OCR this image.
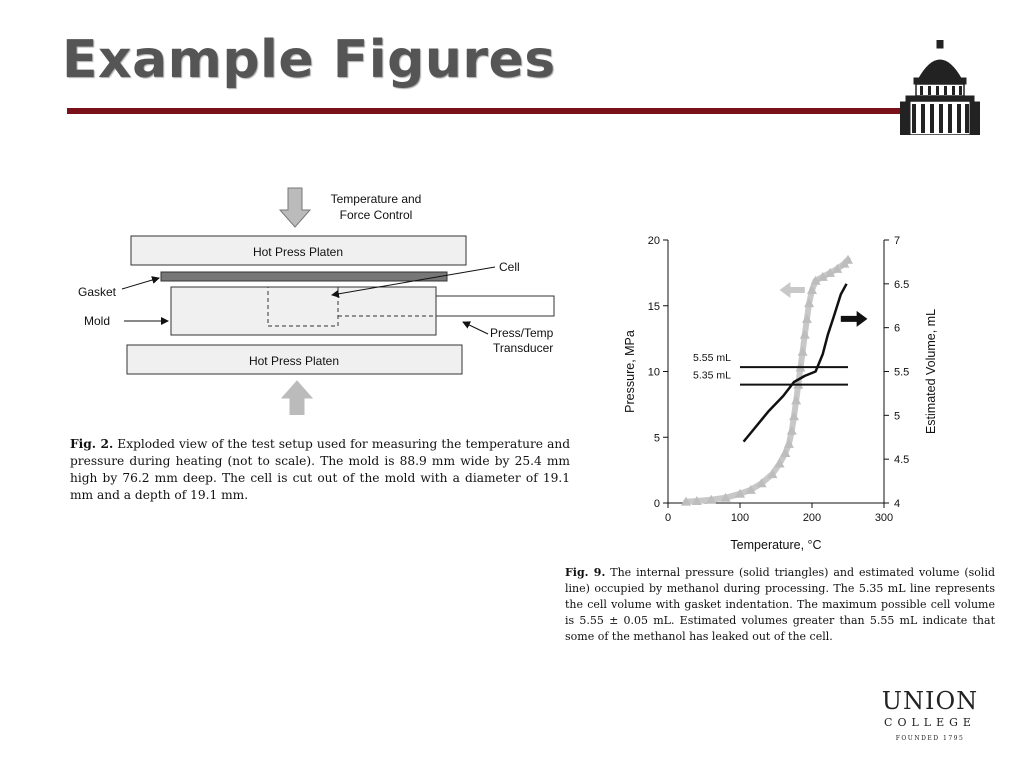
Example Figures
Temperature and
Force Control
Hot Press Platen
Gasket
Mold
Cell
Press/Temp
Transducer
Hot Press Platen
Fig. 2. Exploded view of the test setup used for measuring the temperature and pressure during heating (not to scale). The mold is 88.9 mm wide by 25.4 mm high by 76.2 mm deep. The cell is cut out of the mold with a diameter of 19.1 mm and a depth of 19.1 mm.
0	100	200	300
0
5
10
15
20
4
4.5
5
5.5
6
6.5
7
Temperature, °C
Pressure, MPa	Estimated Volume, mL
5.55 mL
5.35 mL
Fig. 9. The internal pressure (solid triangles) and estimated volume (solid line) occupied by methanol during processing. The 5.35 mL line represents the cell volume with gasket indentation. The maximum possible cell volume is 5.55 ± 0.05 mL. Estimated volumes greater than 5.55 mL indicate that some of the methanol has leaked out of the cell.
UNION
COLLEGE
FOUNDED 1795
